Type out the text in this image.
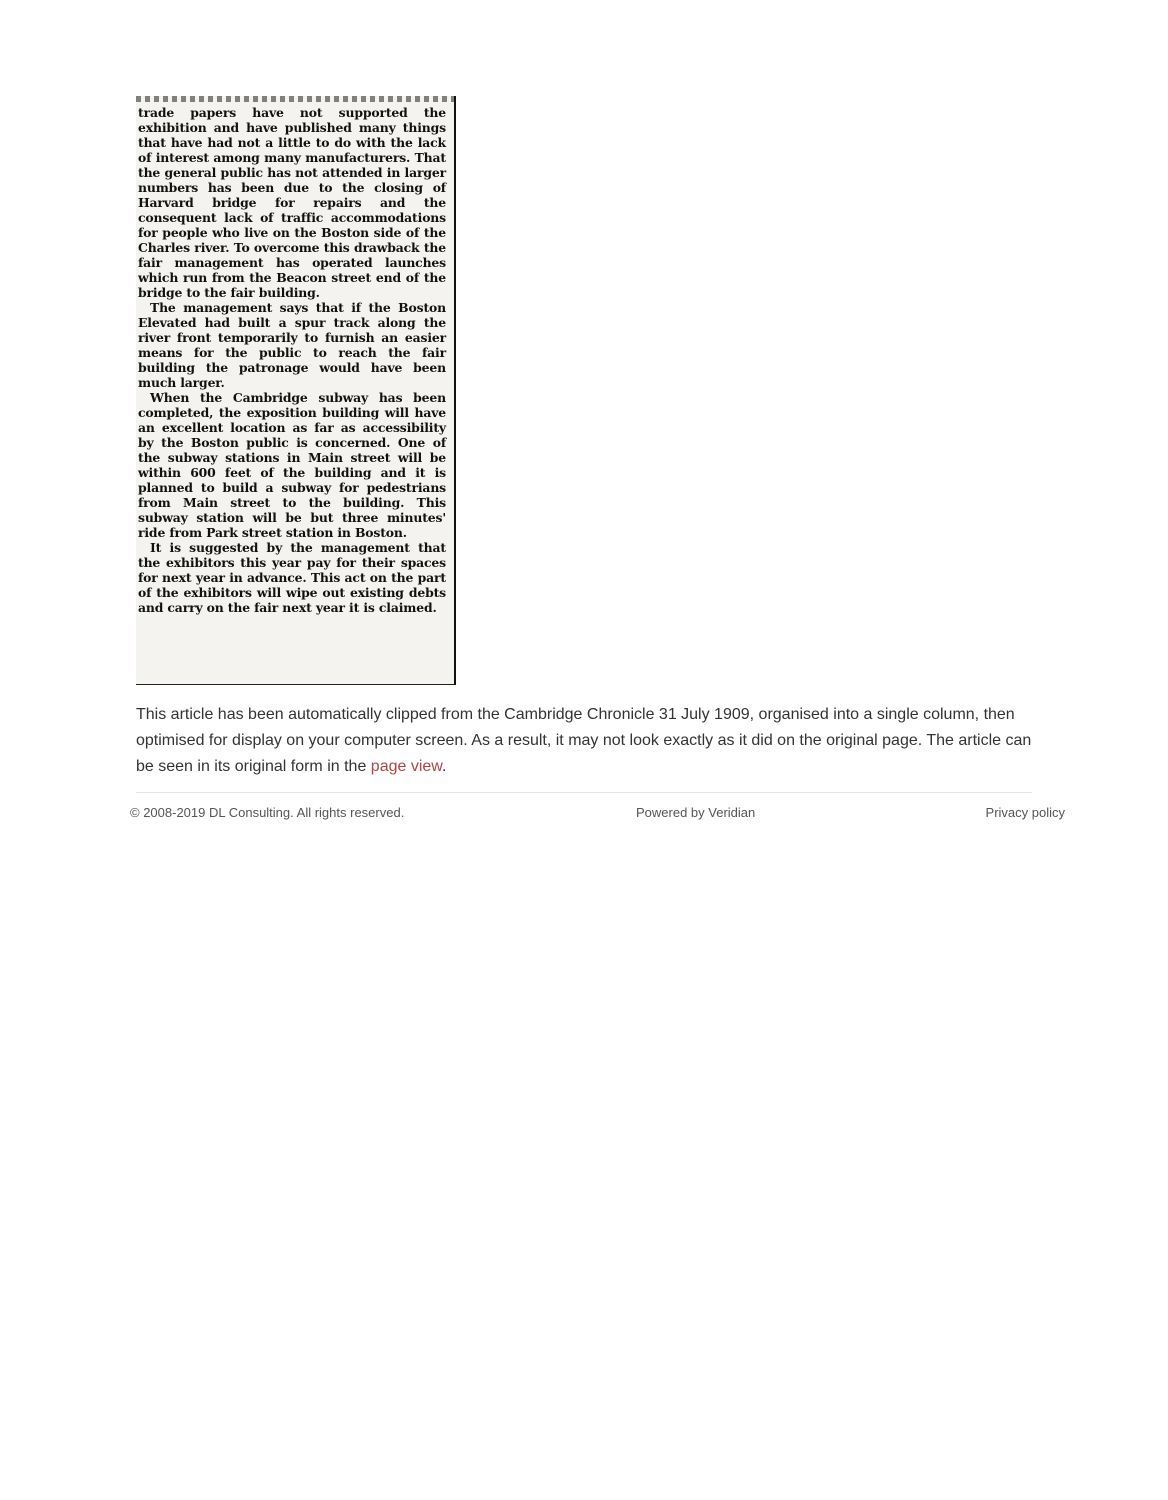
trade papers have not supported the exhibition and have published many things that have had not a little to do with the lack of interest among many manufacturers. That the general public has not attended in larger numbers has been due to the closing of Harvard bridge for repairs and the consequent lack of traffic accommodations for people who live on the Boston side of the Charles river. To overcome this drawback the fair management has operated launches which run from the Beacon street end of the bridge to the fair building.

The management says that if the Boston Elevated had built a spur track along the river front temporarily to furnish an easier means for the public to reach the fair building the patronage would have been much larger.

When the Cambridge subway has been completed, the exposition building will have an excellent location as far as accessibility by the Boston public is concerned. One of the subway stations in Main street will be within 600 feet of the building and it is planned to build a subway for pedestrians from Main street to the building. This subway station will be but three minutes' ride from Park street station in Boston.

It is suggested by the management that the exhibitors this year pay for their spaces for next year in advance. This act on the part of the exhibitors will wipe out existing debts and carry on the fair next year it is claimed.

This article has been automatically clipped from the Cambridge Chronicle 31 July 1909, organised into a single column, then optimised for display on your computer screen. As a result, it may not look exactly as it did on the original page. The article can be seen in its original form in the page view.
© 2008-2019 DL Consulting. All rights reserved.	Powered by Veridian	Privacy policy
